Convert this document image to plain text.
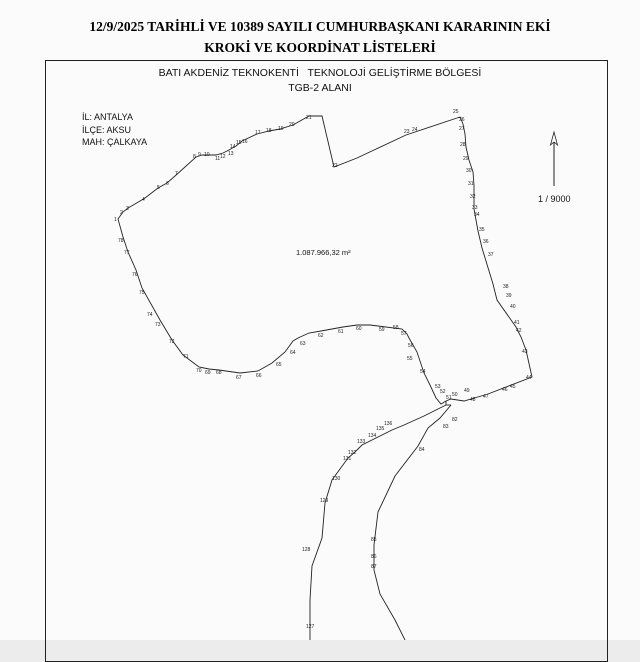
12/9/2025 TARİHLİ VE 10389 SAYILI CUMHURBAŞKANI KARARININ EKİ
KROKİ VE KOORDİNAT LİSTELERİ
BATI AKDENİZ TEKNOKENTİ   TEKNOLOJİ GELİŞTİRME BÖLGESİ
TGB-2 ALANI
İL: ANTALYA
İLÇE: AKSU
MAH: ÇALKAYA
1 / 9000
1
2
3
4
5
6
7
8 9 10
11 12 13
14
15 16
17 18 19
20
21
22
23 24
25
26
27
28
29
30
31
32
33
34
35
36
37
38
39
40
41
42
43
44
45
46
47
48
49
50
51
52
53
54
55
56
57
58
59
60
61
62
63
64
65
66
67
68
69
70
71
72
73
74
75
76
77
78
82
83
84
85
86
87
127
128
129
130
131
132
133
134
135
136
1.087.966,32 m²
